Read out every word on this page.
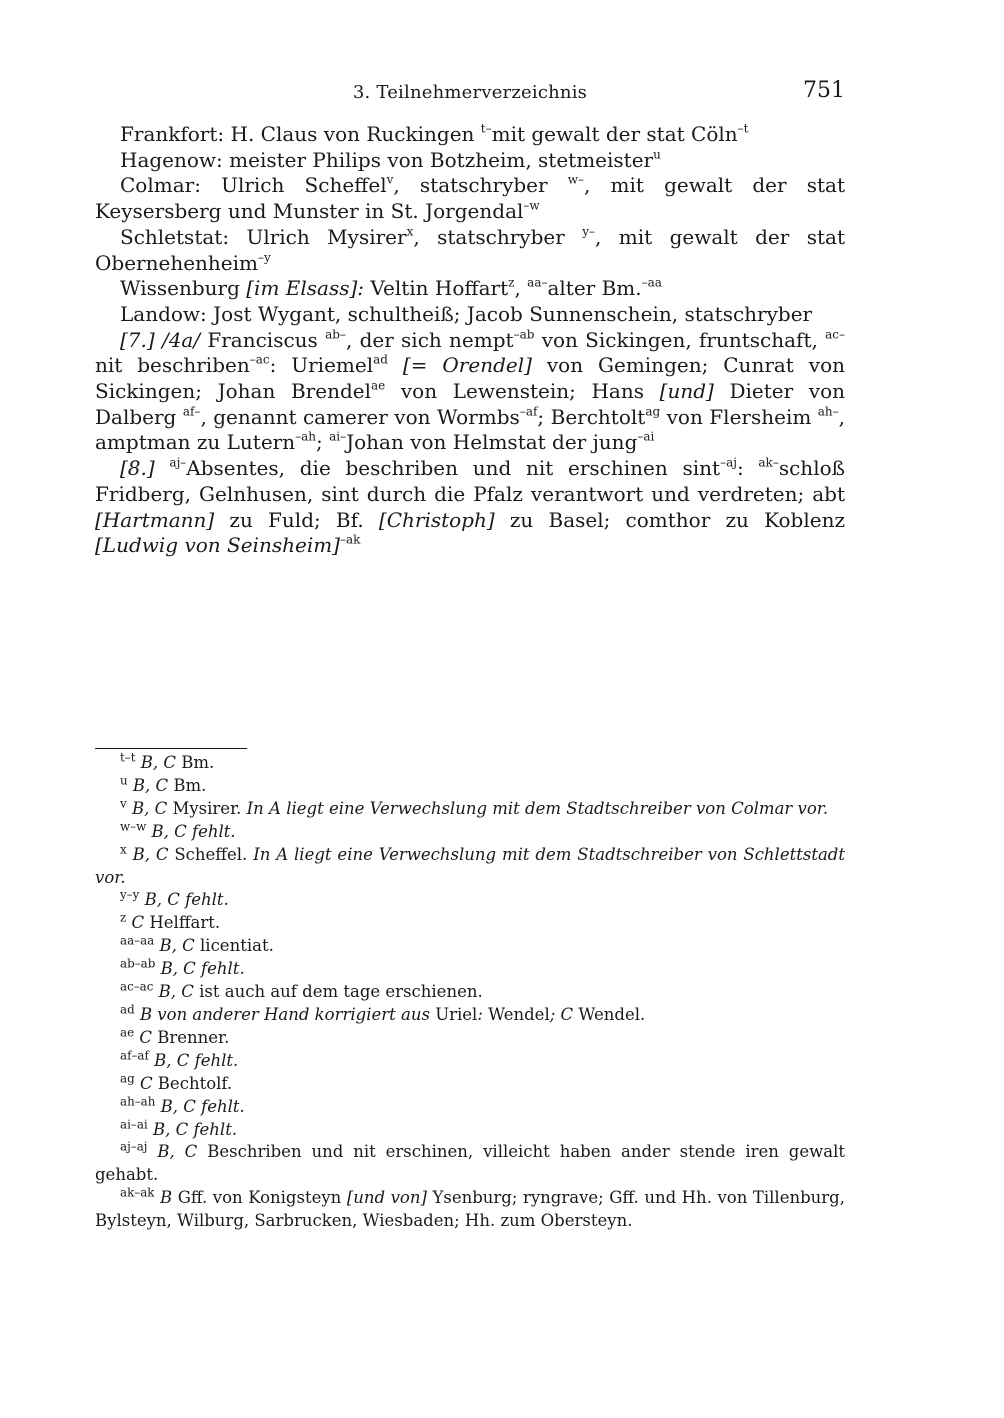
3. Teilnehmerverzeichnis	751

Frankfort: H. Claus von Ruckingen $^{t-}$mit gewalt der stat Cöln$^{-t}$

Hagenow: meister Philips von Botzheim, stetmeister$^u$

Colmar: Ulrich Scheffel$^v$, statschryber $^{w-}$, mit gewalt der stat Keysersberg und Munster in St. Jorgendal$^{-w}$

Schletstat: Ulrich Mysirer$^x$, statschryber $^{y-}$, mit gewalt der stat Obernehenheim$^{-y}$

Wissenburg [im Elsass]: Veltin Hoffart$^z$, $^{aa-}$alter Bm.$^{-aa}$

Landow: Jost Wygant, schultheiß; Jacob Sunnenschein, statschryber

[7.] /4a/ Franciscus $^{ab-}$, der sich nempt$^{-ab}$ von Sickingen, fruntschaft, $^{ac-}$nit beschriben$^{-ac}$: Uriemel$^{ad}$ [= Orendel] von Gemingen; Cunrat von Sickingen; Johan Brendel$^{ae}$ von Lewenstein; Hans [und] Dieter von Dalberg $^{af-}$, genannt camerer von Wormbs$^{-af}$; Berchtolt$^{ag}$ von Flersheim $^{ah-}$, amptman zu Lutern$^{-ah}$; $^{ai-}$Johan von Helmstat der jung$^{-ai}$

[8.] $^{aj-}$Absentes, die beschriben und nit erschinen sint$^{-aj}$: $^{ak-}$schloß Fridberg, Gelnhusen, sint durch die Pfalz verantwort und verdreten; abt [Hartmann] zu Fuld; Bf. [Christoph] zu Basel; comthor zu Koblenz [Ludwig von Seinsheim]$^{-ak}$

$^{t-t}$ B, C Bm.
$^u$ B, C Bm.
$^v$ B, C Mysirer. In A liegt eine Verwechslung mit dem Stadtschreiber von Colmar vor.
$^{w-w}$ B, C fehlt.
$^x$ B, C Scheffel. In A liegt eine Verwechslung mit dem Stadtschreiber von Schlettstadt vor.
$^{y-y}$ B, C fehlt.
$^z$ C Helffart.
$^{aa-aa}$ B, C licentiat.
$^{ab-ab}$ B, C fehlt.
$^{ac-ac}$ B, C ist auch auf dem tage erschienen.
$^{ad}$ B von anderer Hand korrigiert aus Uriel: Wendel; C Wendel.
$^{ae}$ C Brenner.
$^{af-af}$ B, C fehlt.
$^{ag}$ C Bechtolf.
$^{ah-ah}$ B, C fehlt.
$^{ai-ai}$ B, C fehlt.
$^{aj-aj}$ B, C Beschriben und nit erschinen, villeicht haben ander stende iren gewalt gehabt.
$^{ak-ak}$ B Gff. von Konigsteyn [und von] Ysenburg; ryngrave; Gff. und Hh. von Tillenburg, Bylsteyn, Wilburg, Sarbrucken, Wiesbaden; Hh. zum Obersteyn.
